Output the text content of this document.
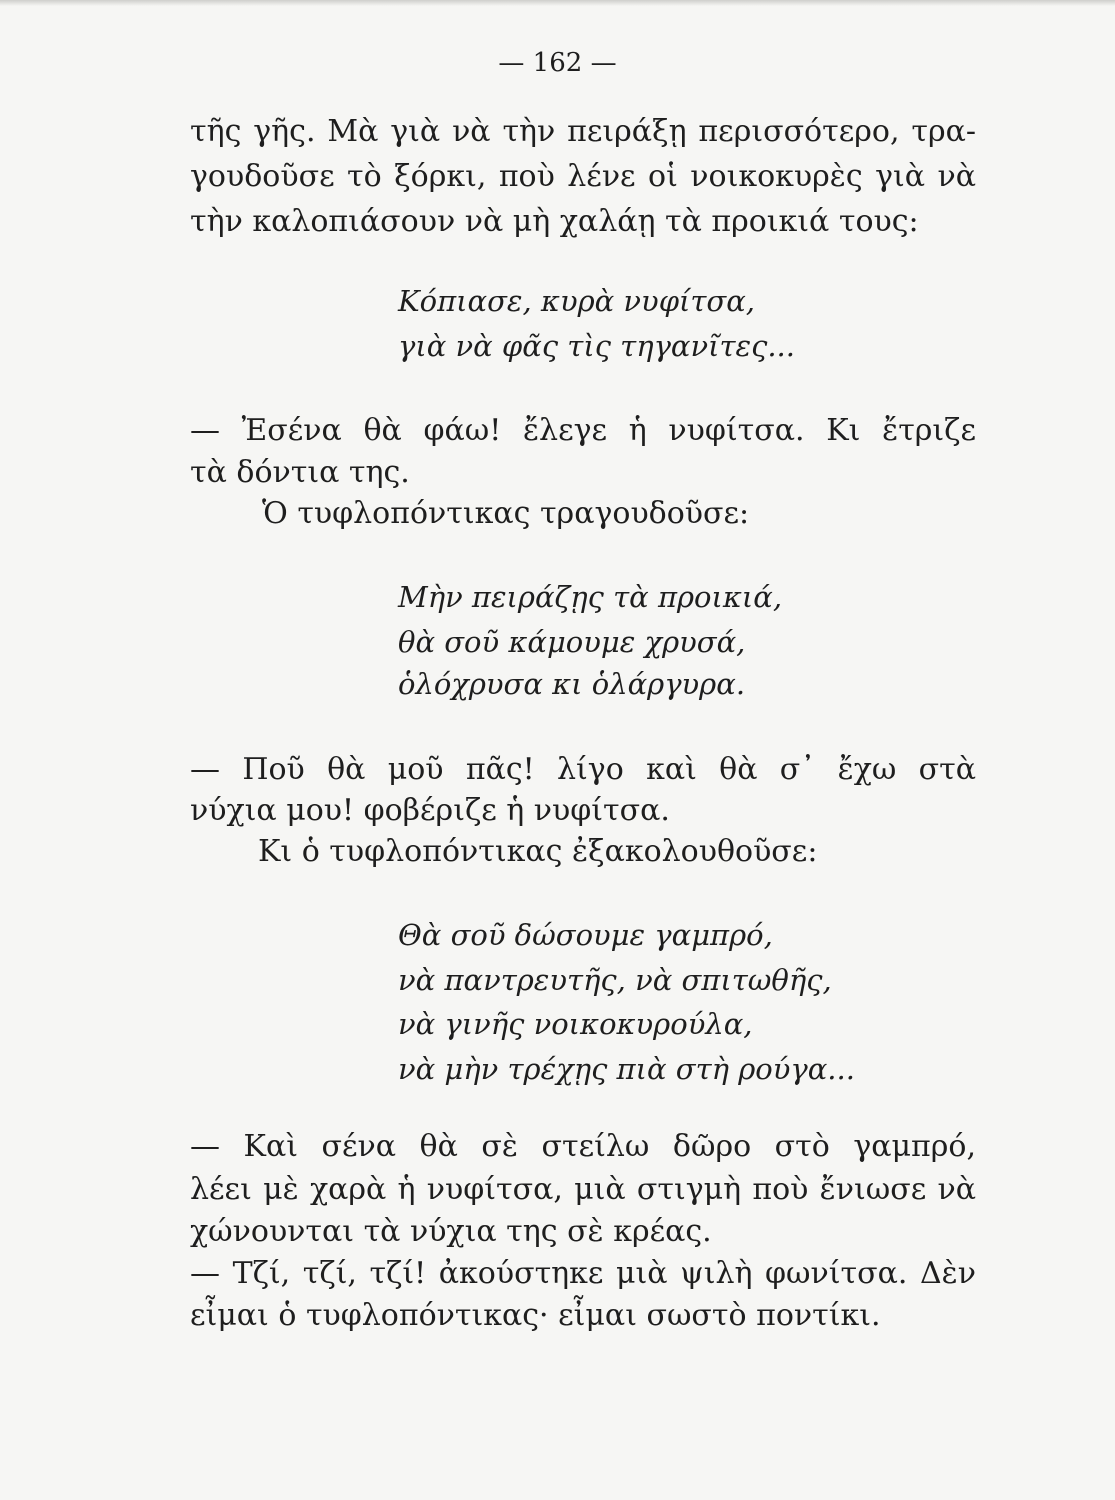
— 162 —
τῆς γῆς. Μὰ γιὰ νὰ τὴν πειράξῃ περισσότερο, τρα-
γουδοῦσε τὸ ξόρκι, ποὺ λένε οἱ νοικοκυρὲς γιὰ νὰ
τὴν καλοπιάσουν νὰ μὴ χαλάῃ τὰ προικιά τους:
Κόπιασε, κυρὰ νυφίτσα,
γιὰ νὰ φᾶς τὶς τηγανῖτες...
— Ἐσένα θὰ φάω! ἔλεγε ἡ νυφίτσα. Κι ἔτριζε
τὰ δόντια της.
Ὁ τυφλοπόντικας τραγουδοῦσε:
Μὴν πειράζῃς τὰ προικιά,
θὰ σοῦ κάμουμε χρυσά,
ὁλόχρυσα κι ὁλάργυρα.
— Ποῦ θὰ μοῦ πᾶς! λίγο καὶ θὰ σ᾽ ἔχω στὰ
νύχια μου! φοβέριζε ἡ νυφίτσα.
Κι ὁ τυφλοπόντικας ἐξακολουθοῦσε:
Θὰ σοῦ δώσουμε γαμπρό,
νὰ παντρευτῆς, νὰ σπιτωθῆς,
νὰ γινῆς νοικοκυρούλα,
νὰ μὴν τρέχῃς πιὰ στὴ ρούγα...
— Καὶ σένα θὰ σὲ στείλω δῶρο στὸ γαμπρό,
λέει μὲ χαρὰ ἡ νυφίτσα, μιὰ στιγμὴ ποὺ ἔνιωσε νὰ
χώνουνται τὰ νύχια της σὲ κρέας.
— Τζί, τζί, τζί! ἀκούστηκε μιὰ ψιλὴ φωνίτσα. Δὲν
εἶμαι ὁ τυφλοπόντικας· εἶμαι σωστὸ ποντίκι.
